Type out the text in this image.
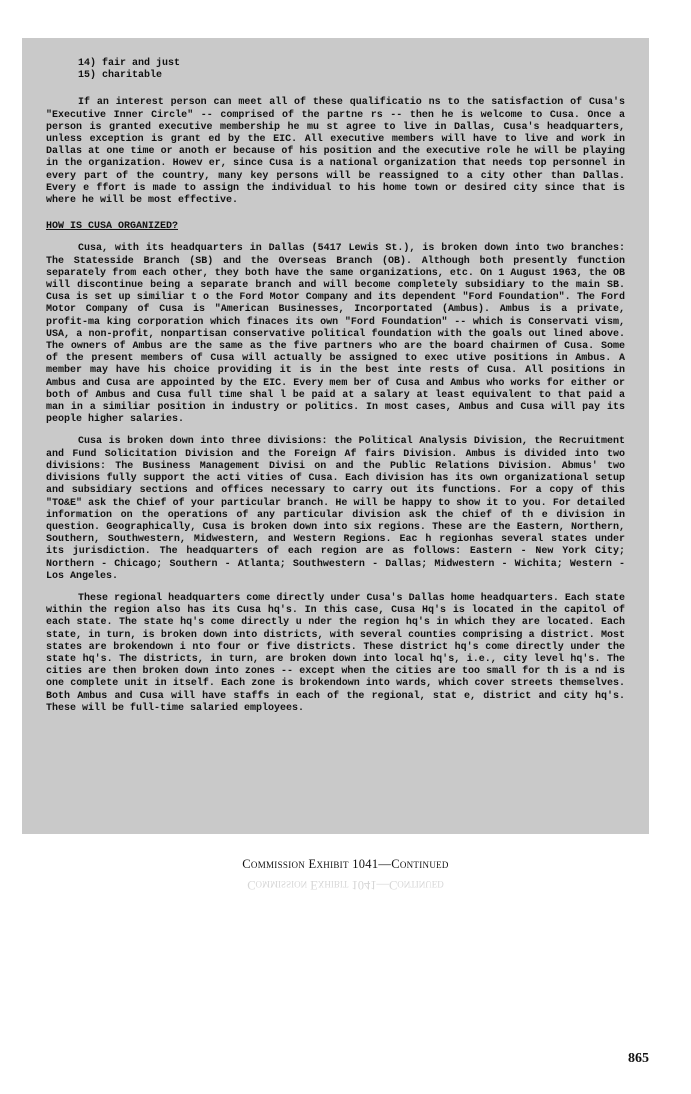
14) fair and just
15) charitable

If an interest person can meet all of these qualificatio ns to the satisfaction of Cusa's "Executive Inner Circle" -- comprised of the partne rs -- then he is welcome to Cusa. Once a person is granted executive membership he mu st agree to live in Dallas, Cusa's headquarters, unless exception is grant ed by the EIC. All executive members will have to live and work in Dallas at one time or anoth er because of his position and the executive role he will be playing in the organization. Howev er, since Cusa is a national organization that needs top personnel in every part of the country, many key persons will be reassigned to a city other than Dallas. Every e ffort is made to assign the individual to his home town or desired city since that is where he will be most effective.

HOW IS CUSA ORGANIZED?

Cusa, with its headquarters in Dallas (5417 Lewis St.), is broken down into two branches: The Statesside Branch (SB) and the Overseas Branch (OB). Although both presently function separately from each other, they both have the same organizations, etc. On 1 August 1963, the OB will discontinue being a separate branch and will become completely subsidiary to the main SB. Cusa is set up similiar t o the Ford Motor Company and its dependent "Ford Foundation". The Ford Motor Company of Cusa is "American Businesses, Incorportated (Ambus). Ambus is a private, profit-ma king corporation which finaces its own "Ford Foundation" -- which is Conservati vism, USA, a non-profit, nonpartisan conservative political foundation with the goals out lined above. The owners of Ambus are the same as the five partners who are the board chairmen of Cusa. Some of the present members of Cusa will actually be assigned to exec utive positions in Ambus. A member may have his choice providing it is in the best inte rests of Cusa. All positions in Ambus and Cusa are appointed by the EIC. Every mem ber of Cusa and Ambus who works for either or both of Ambus and Cusa full time shal l be paid at a salary at least equivalent to that paid a man in a similiar position in industry or politics. In most cases, Ambus and Cusa will pay its people higher salaries.

Cusa is broken down into three divisions: the Political Analysis Division, the Recruitment and Fund Solicitation Division and the Foreign Af fairs Division. Ambus is divided into two divisions: The Business Management Divisi on and the Public Relations Division. Abmus' two divisions fully support the acti vities of Cusa. Each division has its own organizational setup and subsidiary sections and offices necessary to carry out its functions. For a copy of this "TO&E" ask the Chief of your particular branch. He will be happy to show it to you. For detailed information on the operations of any particular division ask the chief of th e division in question. Geographically, Cusa is broken down into six regions. These are the Eastern, Northern, Southern, Southwestern, Midwestern, and Western Regions. Eac h regionhas several states under its jurisdiction. The headquarters of each region are as follows: Eastern - New York City; Northern - Chicago; Southern - Atlanta; Southwestern - Dallas; Midwestern - Wichita; Western - Los Angeles.

These regional headquarters come directly under Cusa's Dallas home headquarters. Each state within the region also has its Cusa hq's. In this case, Cusa Hq's is located in the capitol of each state. The state hq's come directly u nder the region hq's in which they are located. Each state, in turn, is broken down into districts, with several counties comprising a district. Most states are brokendown i nto four or five districts. These district hq's come directly under the state hq's. The districts, in turn, are broken down into local hq's, i.e., city level hq's. The cities are then broken down into zones -- except when the cities are too small for th is a nd is one complete unit in itself. Each zone is brokendown into wards, which cover streets themselves. Both Ambus and Cusa will have staffs in each of the regional, stat e, district and city hq's. These will be full-time salaried employees.

Commission Exhibit 1041—Continued
Commission Exhibit 1041—Continued
865
